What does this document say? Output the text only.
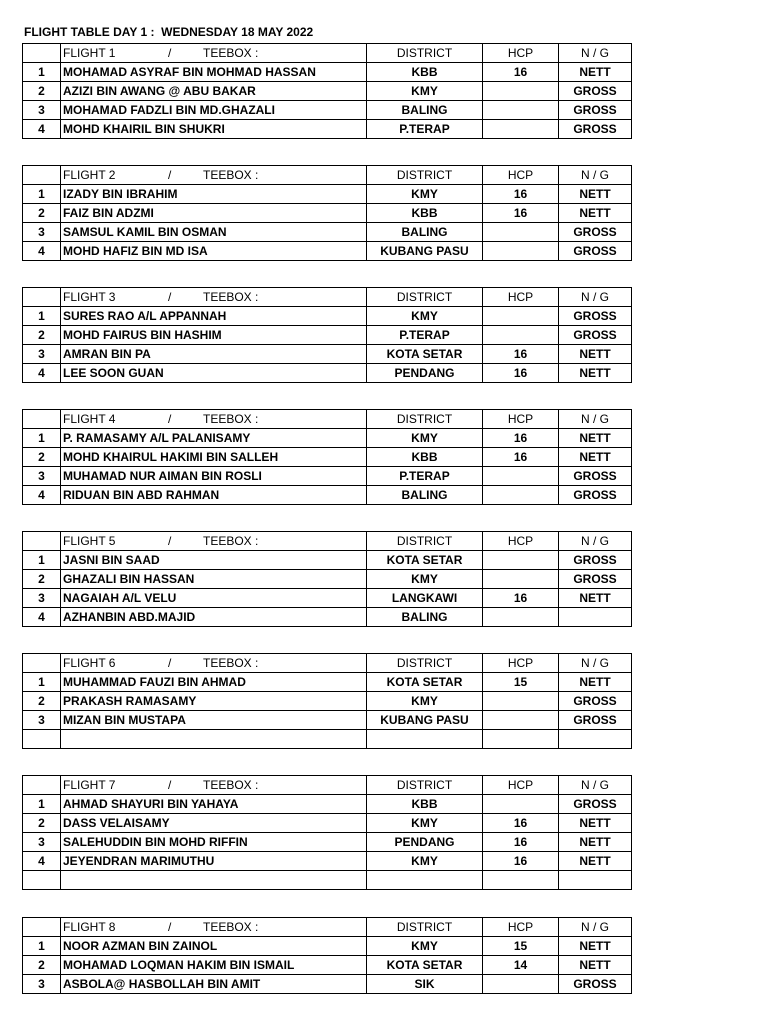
FLIGHT TABLE DAY 1 :  WEDNESDAY 18 MAY 2022
	FLIGHT 1 / TEEBOX :	DISTRICT	HCP	N / G
1	MOHAMAD ASYRAF BIN MOHMAD HASSAN	KBB	16	NETT
2	AZIZI BIN AWANG @ ABU BAKAR	KMY		GROSS
3	MOHAMAD FADZLI BIN MD.GHAZALI	BALING		GROSS
4	MOHD KHAIRIL BIN SHUKRI	P.TERAP		GROSS
	FLIGHT 2 / TEEBOX :	DISTRICT	HCP	N / G
1	IZADY BIN IBRAHIM	KMY	16	NETT
2	FAIZ BIN ADZMI	KBB	16	NETT
3	SAMSUL KAMIL BIN OSMAN	BALING		GROSS
4	MOHD HAFIZ BIN MD ISA	KUBANG PASU		GROSS
	FLIGHT 3 / TEEBOX :	DISTRICT	HCP	N / G
1	SURES RAO A/L APPANNAH	KMY		GROSS
2	MOHD FAIRUS BIN HASHIM	P.TERAP		GROSS
3	AMRAN BIN PA	KOTA SETAR	16	NETT
4	LEE SOON GUAN	PENDANG	16	NETT
	FLIGHT 4 / TEEBOX :	DISTRICT	HCP	N / G
1	P. RAMASAMY A/L PALANISAMY	KMY	16	NETT
2	MOHD KHAIRUL HAKIMI BIN SALLEH	KBB	16	NETT
3	MUHAMAD NUR AIMAN BIN ROSLI	P.TERAP		GROSS
4	RIDUAN BIN ABD RAHMAN	BALING		GROSS
	FLIGHT 5 / TEEBOX :	DISTRICT	HCP	N / G
1	JASNI BIN SAAD	KOTA SETAR		GROSS
2	GHAZALI BIN HASSAN	KMY		GROSS
3	NAGAIAH A/L VELU	LANGKAWI	16	NETT
4	AZHANBIN ABD.MAJID	BALING		
	FLIGHT 6 / TEEBOX :	DISTRICT	HCP	N / G
1	MUHAMMAD FAUZI BIN AHMAD	KOTA SETAR	15	NETT
2	PRAKASH RAMASAMY	KMY		GROSS
3	MIZAN BIN MUSTAPA	KUBANG PASU		GROSS

	FLIGHT 7 / TEEBOX :	DISTRICT	HCP	N / G
1	AHMAD SHAYURI BIN YAHAYA	KBB		GROSS
2	DASS VELAISAMY	KMY	16	NETT
3	SALEHUDDIN BIN MOHD RIFFIN	PENDANG	16	NETT
4	JEYENDRAN MARIMUTHU	KMY	16	NETT

	FLIGHT 8 / TEEBOX :	DISTRICT	HCP	N / G
1	NOOR AZMAN BIN ZAINOL	KMY	15	NETT
2	MOHAMAD LOQMAN HAKIM BIN ISMAIL	KOTA SETAR	14	NETT
3	ASBOLA@ HASBOLLAH BIN AMIT	SIK		GROSS
